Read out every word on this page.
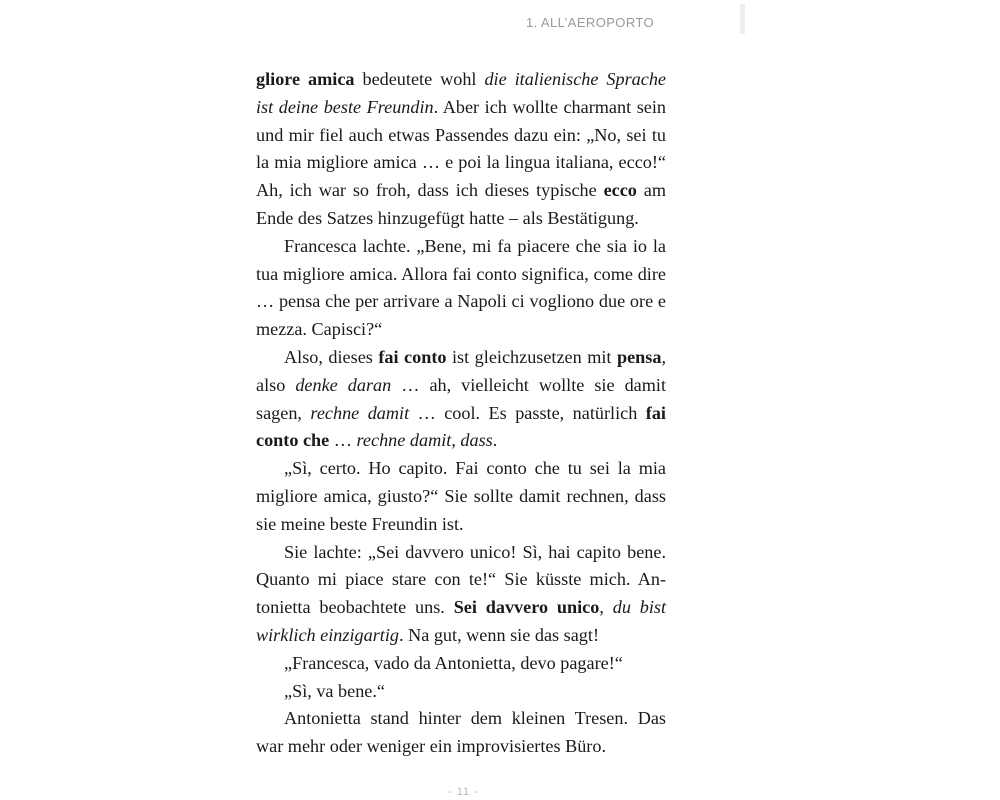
1. ALL’AEROPORTO

gliore amica bedeutete wohl die italienische Sprache ist deine beste Freundin. Aber ich wollte charmant sein und mir fiel auch etwas Passendes dazu ein: „No, sei tu la mia migliore amica … e poi la lingua italiana, ecco!“ Ah, ich war so froh, dass ich dieses typische ecco am Ende des Satzes hinzugefügt hatte – als Bestätigung.

Francesca lachte. „Bene, mi fa piacere che sia io la tua migliore amica. Allora fai conto significa, come dire … pensa che per arrivare a Napoli ci vogliono due ore e mezza. Capisci?“

Also, dieses fai conto ist gleichzusetzen mit pensa, also denke daran … ah, vielleicht wollte sie damit sagen, rechne damit … cool. Es passte, natürlich fai conto che … rechne damit, dass.

„Sì, certo. Ho capito. Fai conto che tu sei la mia migliore amica, giusto?“ Sie sollte damit rechnen, dass sie meine beste Freundin ist.

Sie lachte: „Sei davvero unico! Sì, hai capito bene. Quanto mi piace stare con te!“ Sie küsste mich. Antonietta beobachtete uns. Sei davvero unico, du bist wirklich einzigartig. Na gut, wenn sie das sagt!

„Francesca, vado da Antonietta, devo pagare!“

„Sì, va bene.“

Antonietta stand hinter dem kleinen Tresen. Das war mehr oder weniger ein improvisiertes Büro.

- 11 -
